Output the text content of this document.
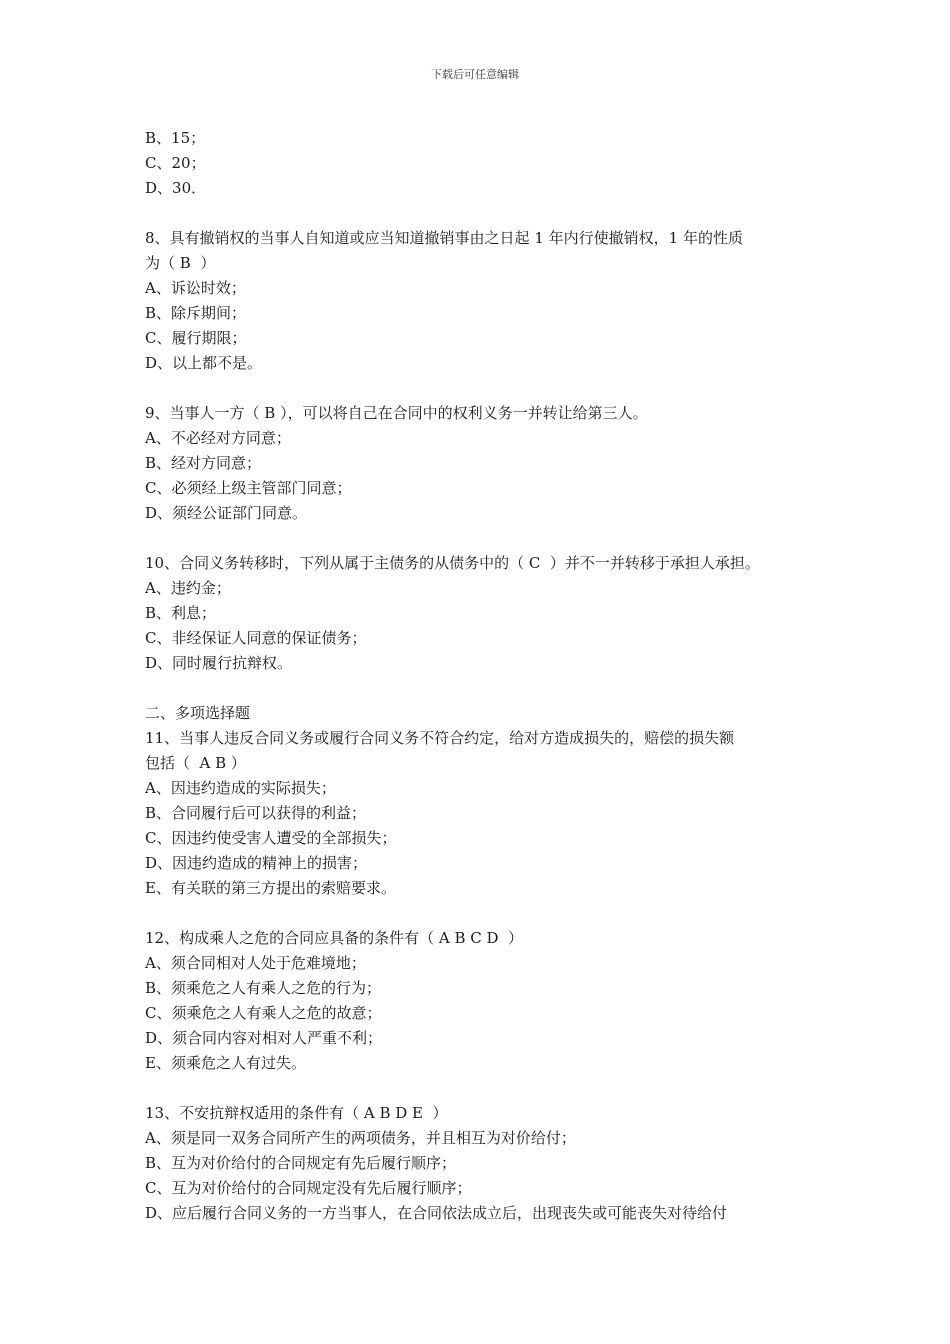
下载后可任意编辑
B、15；
C、20；
D、30．
8、具有撤销权的当事人自知道或应当知道撤销事由之日起 1 年内行使撤销权，1 年的性质
为（ B  ）
A、诉讼时效；
B、除斥期间；
C、履行期限；
D、以上都不是。
9、当事人一方（ B ），可以将自己在合同中的权利义务一并转让给第三人。
A、不必经对方同意；
B、经对方同意；
C、必须经上级主管部门同意；
D、须经公证部门同意。
10、合同义务转移时，下列从属于主债务的从债务中的（ C  ）并不一并转移于承担人承担。
A、违约金；
B、利息；
C、非经保证人同意的保证债务；
D、同时履行抗辩权。
二、多项选择题
11、当事人违反合同义务或履行合同义务不符合约定，给对方造成损失的，赔偿的损失额
包括（  A B ）
A、因违约造成的实际损失；
B、合同履行后可以获得的利益；
C、因违约使受害人遭受的全部损失；
D、因违约造成的精神上的损害；
E、有关联的第三方提出的索赔要求。
12、构成乘人之危的合同应具备的条件有（ A B C D  ）
A、须合同相对人处于危难境地；
B、须乘危之人有乘人之危的行为；
C、须乘危之人有乘人之危的故意；
D、须合同内容对相对人严重不利；
E、须乘危之人有过失。
13、不安抗辩权适用的条件有（ A B D E  ）
A、须是同一双务合同所产生的两项债务，并且相互为对价给付；
B、互为对价给付的合同规定有先后履行顺序；
C、互为对价给付的合同规定没有先后履行顺序；
D、应后履行合同义务的一方当事人，在合同依法成立后，出现丧失或可能丧失对待给付
